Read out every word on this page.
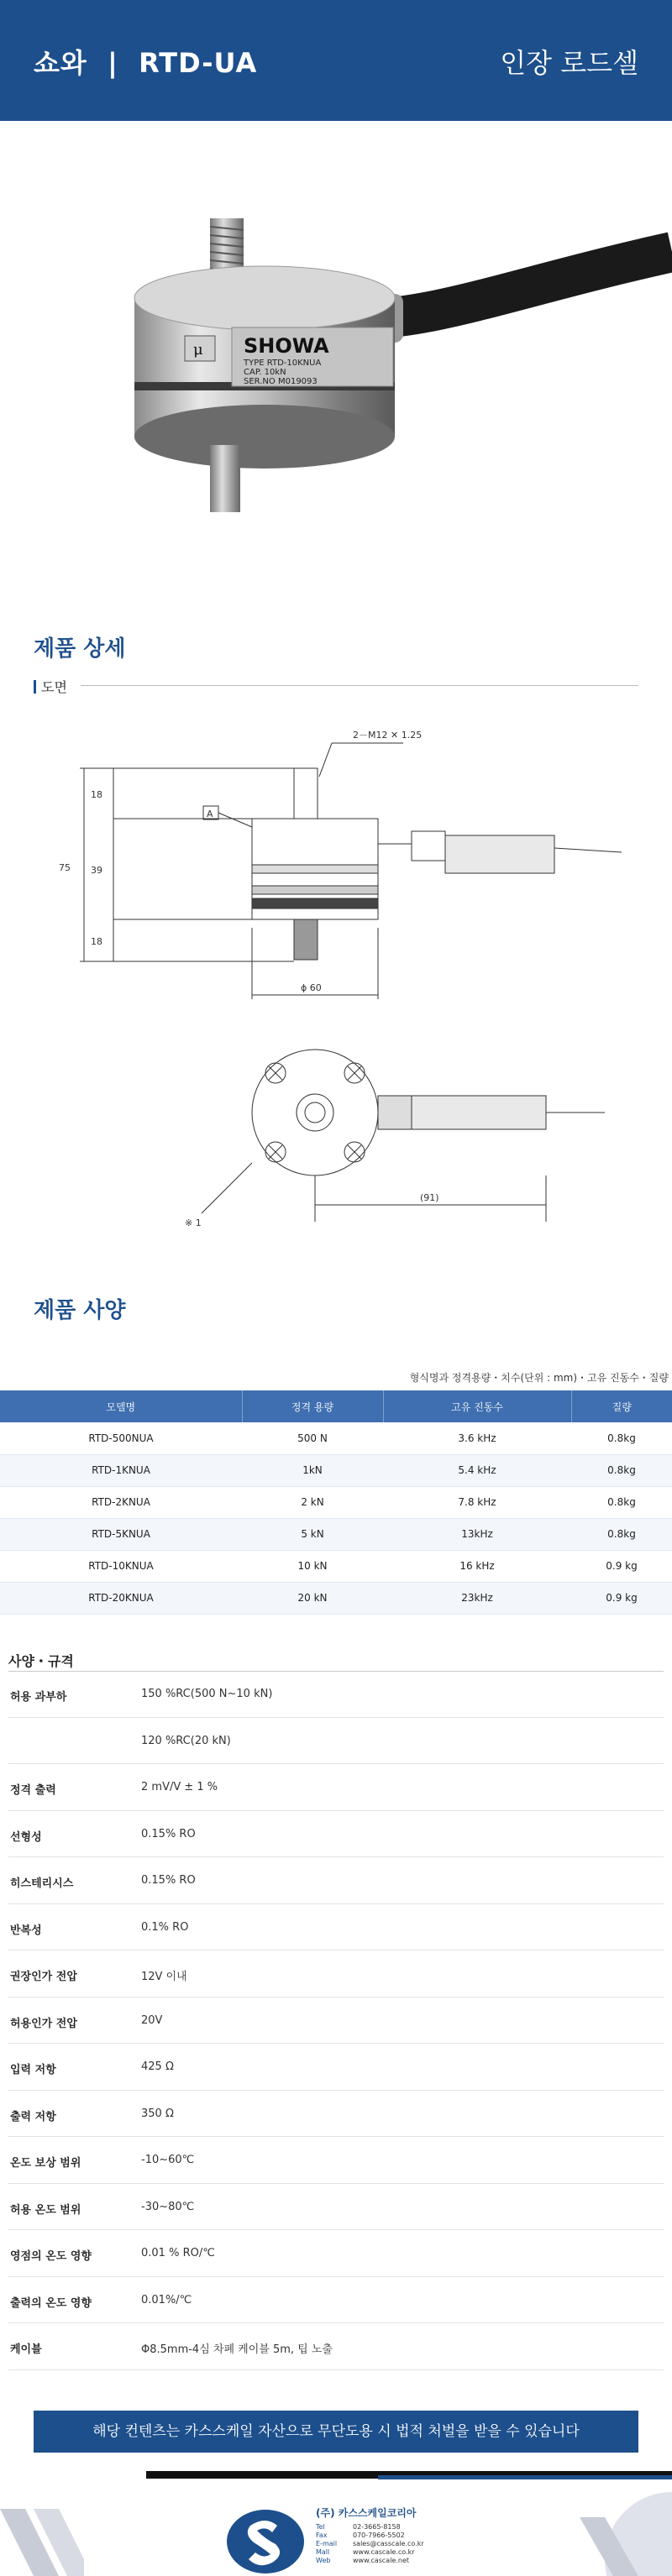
쇼와  |  RTD-UA	인장 로드셀
SHOWA
TYPE RTD-10KNUA
CAP. 10kN
SER.NO M019093
μ
제품 상세
도면
2－M12 ✕ 1.25
A
75
18
39
18
ϕ 60
(91)
※ 1
제품 사양
형식명과 정격용량・치수(단위 : mm)・고유 진동수・질량
모델명	정격 용량	고유 진동수	질량
RTD-500NUA	500 N	3.6 kHz	0.8kg
RTD-1KNUA	1kN	5.4 kHz	0.8kg
RTD-2KNUA	2 kN	7.8 kHz	0.8kg
RTD-5KNUA	5 kN	13kHz	0.8kg
RTD-10KNUA	10 kN	16 kHz	0.9 kg
RTD-20KNUA	20 kN	23kHz	0.9 kg
사양・규격
허용 과부하	150 %RC(500 N~10 kN)
120 %RC(20 kN)
정격 출력	2 mV/V ± 1 %
선형성	0.15% RO
히스테리시스	0.15% RO
반복성	0.1% RO
권장인가 전압	12V 이내
허용인가 전압	20V
입력 저항	425 Ω
출력 저항	350 Ω
온도 보상 범위	-10~60℃
허용 온도 범위	-30~80℃
영점의 온도 영향	0.01 % RO/℃
출력의 온도 영향	0.01%/℃
케이블	Φ8.5mm-4심 차폐 케이블 5m, 팁 노출
해당 컨텐츠는 카스스케일 자산으로 무단도용 시 법적 처벌을 받을 수 있습니다
(주) 카스스케일코리아
Tel	02-3665-8158
Fax	070-7966-5502
E-mail	sales@casscale.co.kr
Mall	www.cascale.co.kr
Web	www.cascale.net
